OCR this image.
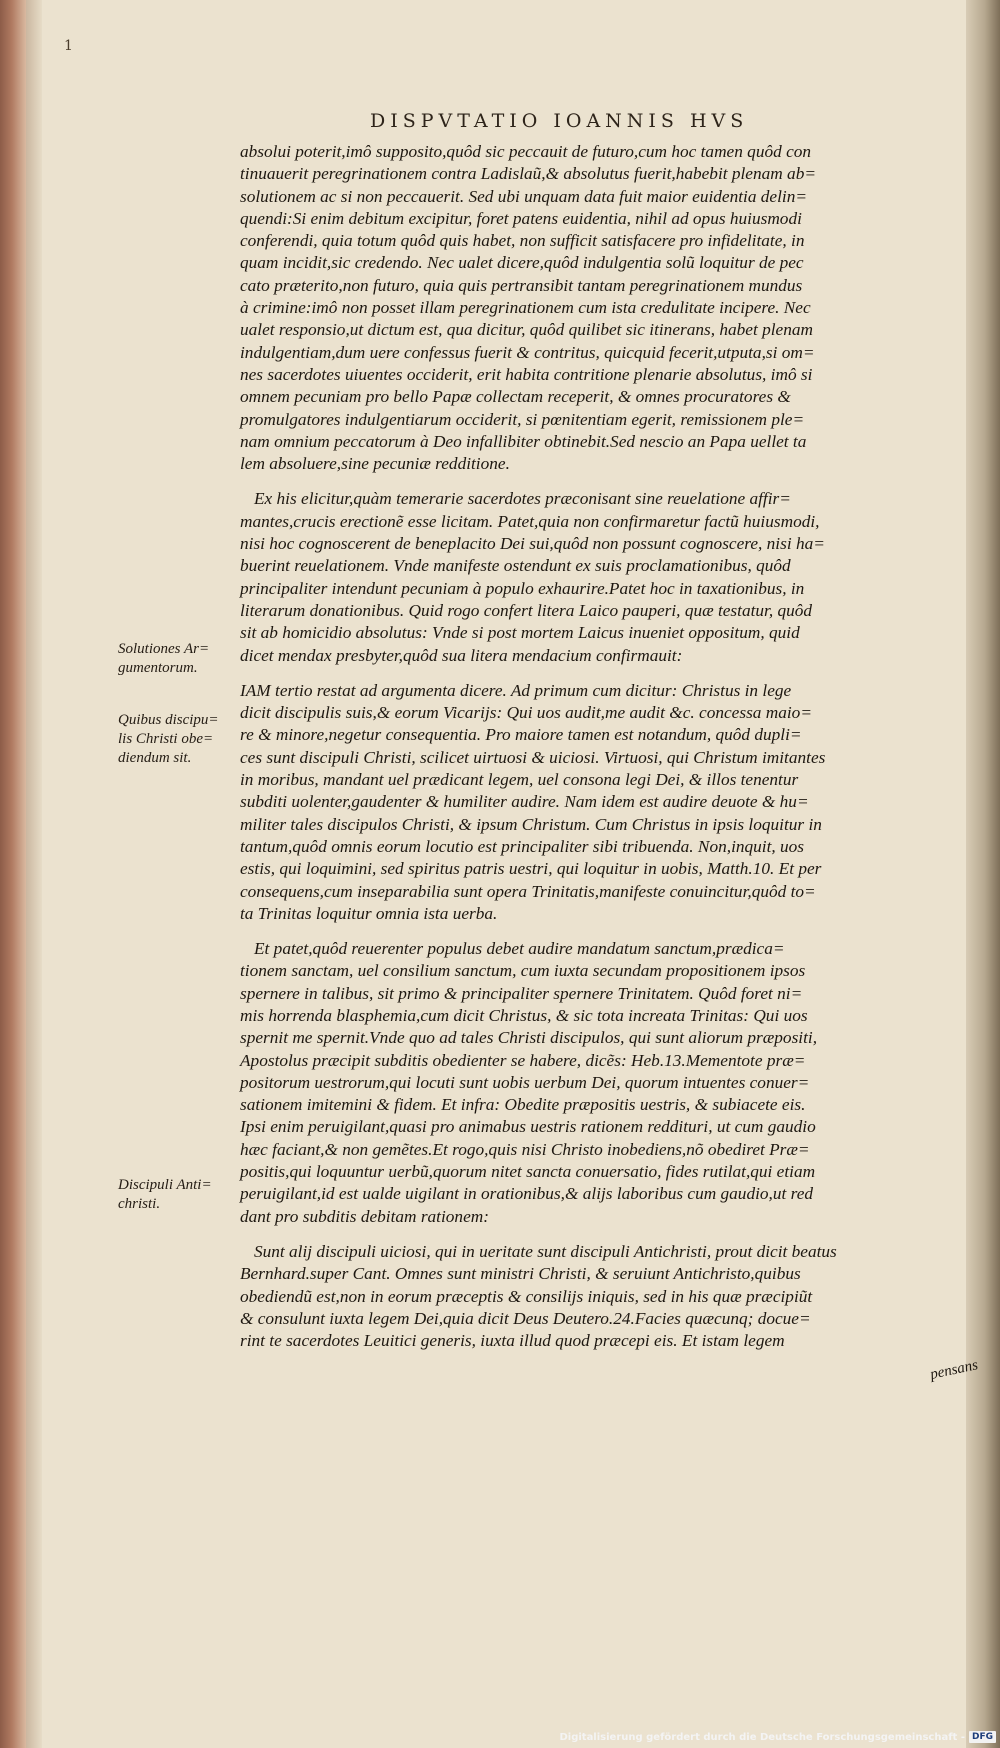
1
DISPVTATIO IOANNIS HVS
absolui poterit,imô supposito,quôd sic peccauit de futuro,cum hoc tamen quôd con
tinuauerit peregrinationem contra Ladislaũ,& absolutus fuerit,habebit plenam ab=
solutionem ac si non peccauerit. Sed ubi unquam data fuit maior euidentia delin=
quendi:Si enim debitum excipitur, foret patens euidentia, nihil ad opus huiusmodi
conferendi, quia totum quôd quis habet, non sufficit satisfacere pro infidelitate, in
quam incidit,sic credendo. Nec ualet dicere,quôd indulgentia solũ loquitur de pec
cato præterito,non futuro, quia quis pertransibit tantam peregrinationem mundus
à crimine:imô non posset illam peregrinationem cum ista credulitate incipere. Nec
ualet responsio,ut dictum est, qua dicitur, quôd quilibet sic itinerans, habet plenam
indulgentiam,dum uere confessus fuerit & contritus, quicquid fecerit,utputa,si om=
nes sacerdotes uiuentes occiderit, erit habita contritione plenarie absolutus, imô si
omnem pecuniam pro bello Papæ collectam receperit, & omnes procuratores &
promulgatores indulgentiarum occiderit, si pœnitentiam egerit, remissionem ple=
nam omnium peccatorum à Deo infallibiter obtinebit.Sed nescio an Papa uellet ta
lem absoluere,sine pecuniæ redditione.
Ex his elicitur,quàm temerarie sacerdotes præconisant sine reuelatione affir=
mantes,crucis erectionẽ esse licitam. Patet,quia non confirmaretur factũ huiusmodi,
nisi hoc cognoscerent de beneplacito Dei sui,quôd non possunt cognoscere, nisi ha=
buerint reuelationem. Vnde manifeste ostendunt ex suis proclamationibus, quôd
principaliter intendunt pecuniam à populo exhaurire.Patet hoc in taxationibus, in
literarum donationibus. Quid rogo confert litera Laico pauperi, quæ testatur, quôd
sit ab homicidio absolutus: Vnde si post mortem Laicus inueniet oppositum, quid
dicet mendax presbyter,quôd sua litera mendacium confirmauit:
IAM tertio restat ad argumenta dicere. Ad primum cum dicitur: Christus in lege
dicit discipulis suis,& eorum Vicarijs: Qui uos audit,me audit &c. concessa maio=
re & minore,negetur consequentia. Pro maiore tamen est notandum, quôd dupli=
ces sunt discipuli Christi, scilicet uirtuosi & uiciosi. Virtuosi, qui Christum imitantes
in moribus, mandant uel prædicant legem, uel consona legi Dei, & illos tenentur
subditi uolenter,gaudenter & humiliter audire. Nam idem est audire deuote & hu=
militer tales discipulos Christi, & ipsum Christum. Cum Christus in ipsis loquitur in
tantum,quôd omnis eorum locutio est principaliter sibi tribuenda. Non,inquit, uos
estis, qui loquimini, sed spiritus patris uestri, qui loquitur in uobis, Matth.10. Et per
consequens,cum inseparabilia sunt opera Trinitatis,manifeste conuincitur,quôd to=
ta Trinitas loquitur omnia ista uerba.
Et patet,quôd reuerenter populus debet audire mandatum sanctum,prædica=
tionem sanctam, uel consilium sanctum, cum iuxta secundam propositionem ipsos
spernere in talibus, sit primo & principaliter spernere Trinitatem. Quôd foret ni=
mis horrenda blasphemia,cum dicit Christus, & sic tota increata Trinitas: Qui uos
spernit me spernit.Vnde quo ad tales Christi discipulos, qui sunt aliorum præpositi,
Apostolus præcipit subditis obedienter se habere, dicẽs: Heb.13.Mementote præ=
positorum uestrorum,qui locuti sunt uobis uerbum Dei, quorum intuentes conuer=
sationem imitemini & fidem. Et infra: Obedite præpositis uestris, & subiacete eis.
Ipsi enim peruigilant,quasi pro animabus uestris rationem reddituri, ut cum gaudio
hæc faciant,& non gemẽtes.Et rogo,quis nisi Christo inobediens,nõ obediret Præ=
positis,qui loquuntur uerbũ,quorum nitet sancta conuersatio, fides rutilat,qui etiam
peruigilant,id est ualde uigilant in orationibus,& alijs laboribus cum gaudio,ut red
dant pro subditis debitam rationem:
Sunt alij discipuli uiciosi, qui in ueritate sunt discipuli Antichristi, prout dicit beatus
Bernhard.super Cant. Omnes sunt ministri Christi, & seruiunt Antichristo,quibus
obediendũ est,non in eorum præceptis & consilijs iniquis, sed in his quæ præcipiũt
& consulunt iuxta legem Dei,quia dicit Deus Deutero.24.Facies quæcunq; docue=
rint te sacerdotes Leuitici generis, iuxta illud quod præcepi eis. Et istam legem
Solutiones Ar=
gumentorum.
Quibus discipu=
lis Christi obe=
diendum sit.
Discipuli Anti=
christi.
pensans
Digitalisierung gefördert durch die Deutsche Forschungsgemeinschaft - DFG
